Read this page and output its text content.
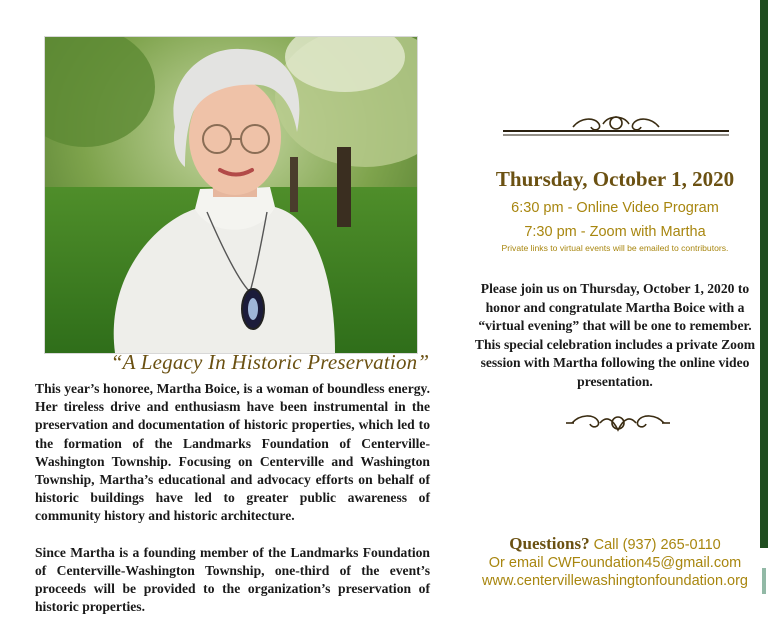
“A Legacy In Historic Preservation”

This year’s honoree, Martha Boice, is a woman of boundless energy. Her tireless drive and enthusiasm have been instrumental in the preservation and documentation of historic properties, which led to the formation of the Landmarks Foundation of Centerville-Washington Township. Focusing on Centerville and Washington Township, Martha’s educational and advocacy efforts on behalf of historic buildings have led to greater public awareness of community history and historic architecture.

Since Martha is a founding member of the Landmarks Foundation of Centerville-Washington Township, one-third of the event’s proceeds will be provided to the organization’s preservation of historic properties.

Thursday, October 1, 2020
6:30 pm - Online Video Program
7:30 pm - Zoom with Martha
Private links to virtual events will be emailed to contributors.
Please join us on Thursday, October 1, 2020 to honor and congratulate Martha Boice with a “virtual evening” that will be one to remember. This special celebration includes a private Zoom session with Martha following the online video presentation.
Questions? Call (937) 265-0110
Or email CWFoundation45@gmail.com
www.centervillewashingtonfoundation.org
